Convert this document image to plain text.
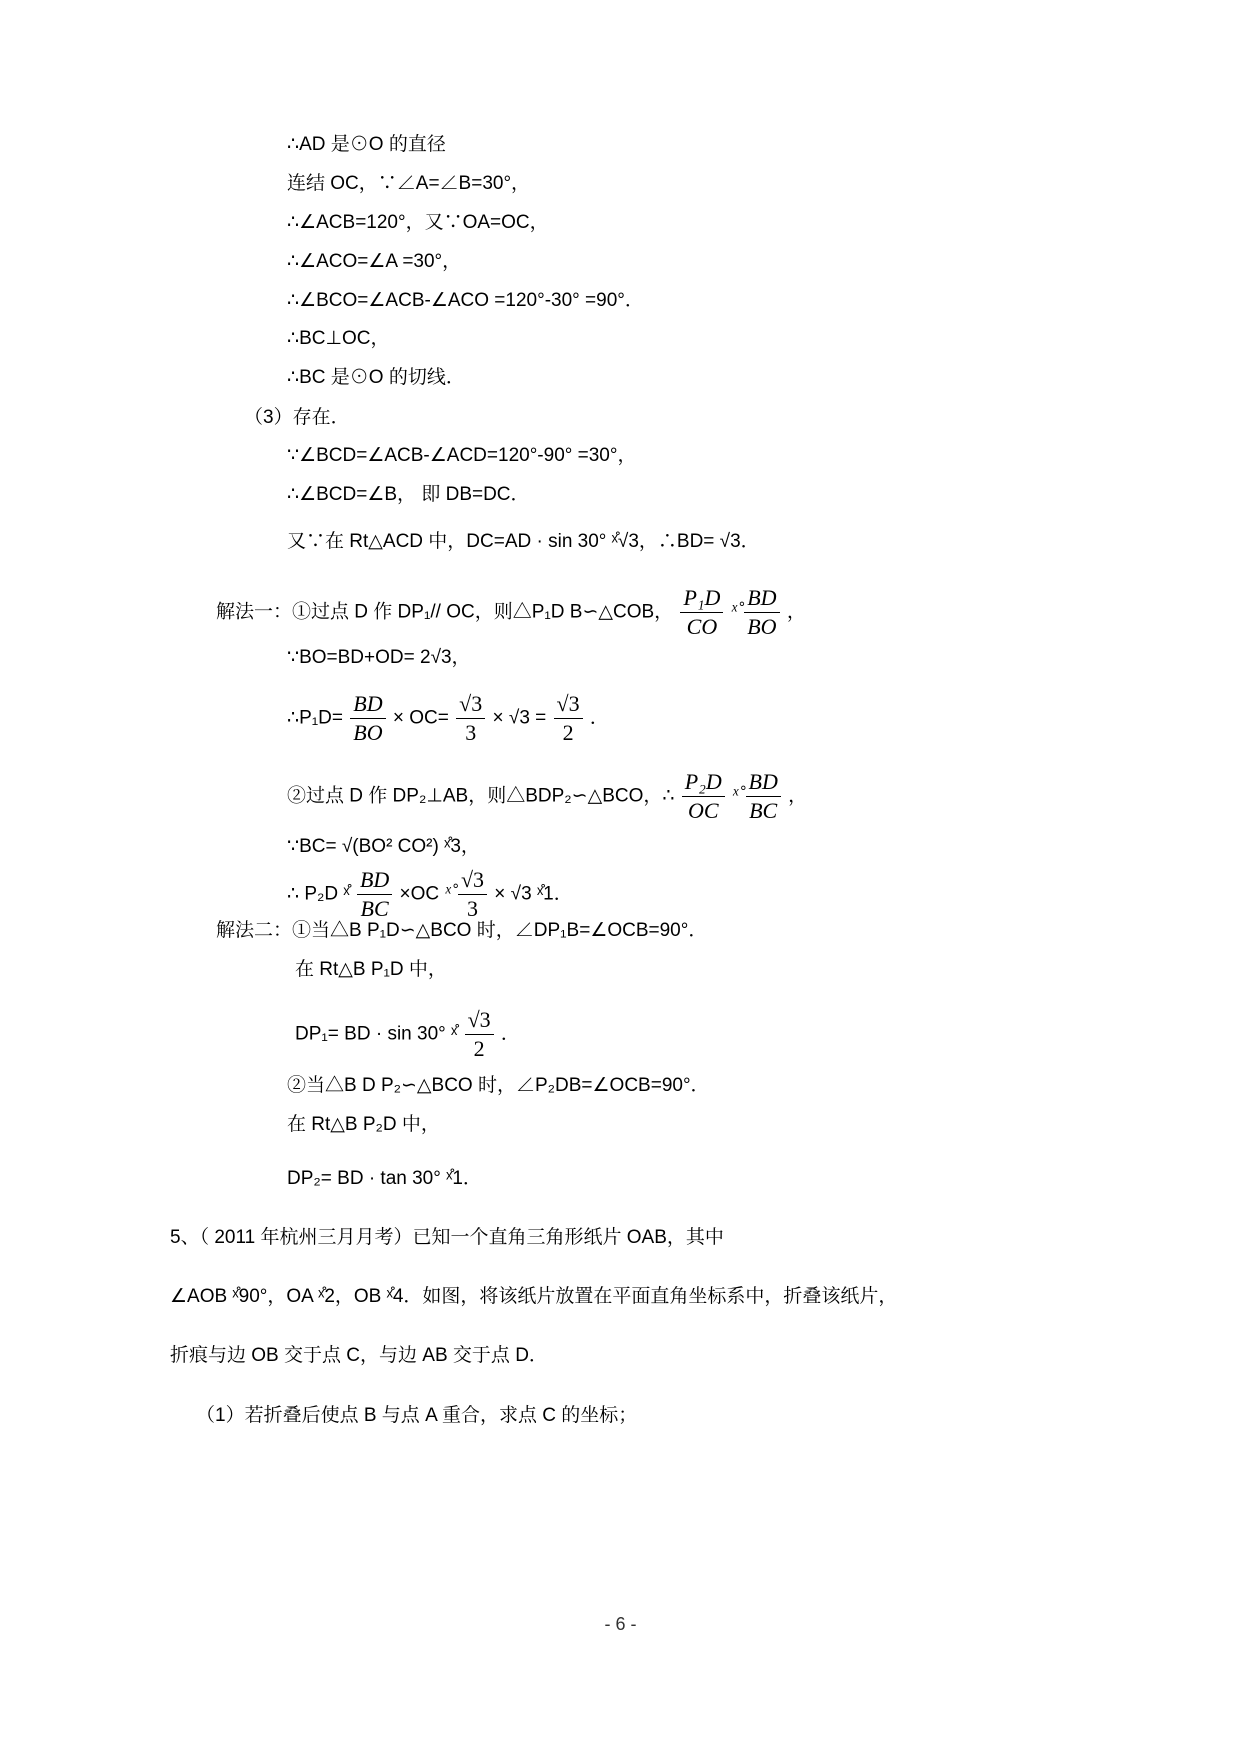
∴AD 是⊙O 的直径
连结 OC，∵∠A=∠B=30°，
∴∠ACB=120°，又∵OA=OC，
∴∠ACO=∠A =30°，
∴∠BCO=∠ACB-∠ACO =120°-30° =90°．
∴BC⊥OC，
∴BC 是⊙O 的切线．
（3）存在．
∵∠BCD=∠ACB-∠ACD=120°-90° =30°，
∴∠BCD=∠B， 即 DB=DC．
又∵在 Rt△ACD 中，DC=AD · sin 30° ˣ̊√3，∴BD= √3．
解法一：①过点 D 作 DP₁// OC，则△P₁D B∽△COB， $\frac{\text{P₁D}}{CO}$ ˣ̊ $\frac{BD}{BO}$ ，
∵BO=BD+OD= 2√3，
∴P₁D= $\frac{BD}{BO} \times OC= \frac{√3}{3} \times √3 = \frac{√3}{2}$ ．
②过点 D 作 DP₂⊥AB，则△BDP₂∽△BCO，∴ $\frac{\text{P₂D}}{OC}$ ˣ̊ $\frac{BD}{BC}$ ，
∵BC= √(BO² CO²) ˣ̊3，
∴ P₂D ˣ̊ $\frac{BD}{BC} \times OC$ ˣ̊ $\frac{√3}{3} \times √3$ ˣ̊1．
解法二：①当△B P₁D∽△BCO 时，∠DP₁B=∠OCB=90°．
在 Rt△B P₁D 中，
DP₁= BD · sin 30° ˣ̊ $\frac{√3}{2}$ ．
②当△B D P₂∽△BCO 时，∠P₂DB=∠OCB=90°．
在 Rt△B P₂D 中，
DP₂= BD · tan 30° ˣ̊1．
5、（ 2011 年杭州三月月考）已知一个直角三角形纸片 OAB，其中
∠AOB ˣ̊90°，OA ˣ̊2，OB ˣ̊4．如图，将该纸片放置在平面直角坐标系中，折叠该纸片，
折痕与边 OB 交于点 C，与边 AB 交于点 D．
（1）若折叠后使点 B 与点 A 重合，求点 C 的坐标；
- 6 -
